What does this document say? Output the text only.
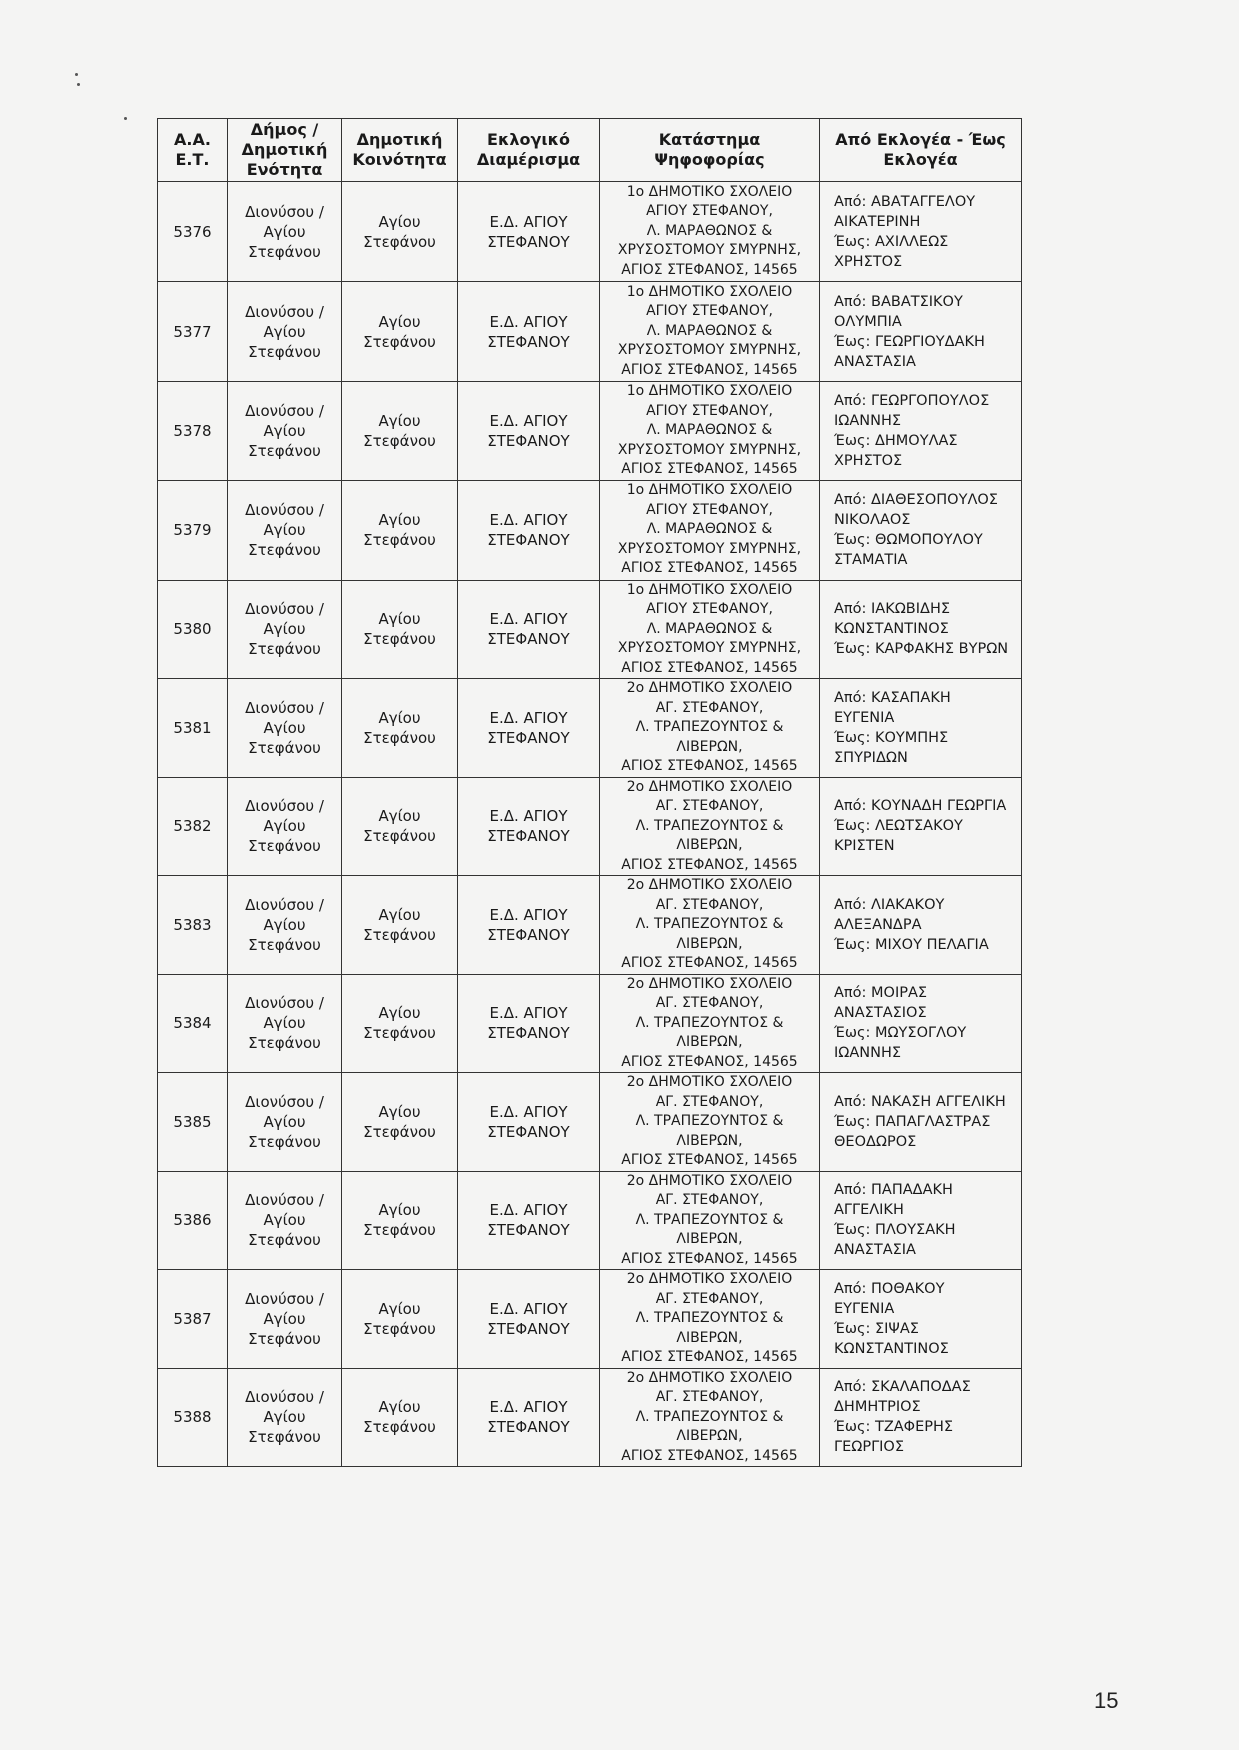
Α.Α.
Ε.Τ.	Δήμος /
Δημοτική
Ενότητα	Δημοτική
Κοινότητα	Εκλογικό
Διαμέρισμα	Κατάστημα
Ψηφοφορίας	Από Εκλογέα - Έως
Εκλογέα

5376	Διονύσου /
Αγίου
Στεφάνου	Αγίου
Στεφάνου	Ε.Δ. ΑΓΙΟΥ
ΣΤΕΦΑΝΟΥ	1ο ΔΗΜΟΤΙΚΟ ΣΧΟΛΕΙΟ
ΑΓΙΟΥ ΣΤΕΦΑΝΟΥ,
Λ. ΜΑΡΑΘΩΝΟΣ &
ΧΡΥΣΟΣΤΟΜΟΥ ΣΜΥΡΝΗΣ,
ΑΓΙΟΣ ΣΤΕΦΑΝΟΣ, 14565	Από: ΑΒΑΤΑΓΓΕΛΟΥ
ΑΙΚΑΤΕΡΙΝΗ
Έως: ΑΧΙΛΛΕΩΣ
ΧΡΗΣΤΟΣ

5377	Διονύσου /
Αγίου
Στεφάνου	Αγίου
Στεφάνου	Ε.Δ. ΑΓΙΟΥ
ΣΤΕΦΑΝΟΥ	1ο ΔΗΜΟΤΙΚΟ ΣΧΟΛΕΙΟ
ΑΓΙΟΥ ΣΤΕΦΑΝΟΥ,
Λ. ΜΑΡΑΘΩΝΟΣ &
ΧΡΥΣΟΣΤΟΜΟΥ ΣΜΥΡΝΗΣ,
ΑΓΙΟΣ ΣΤΕΦΑΝΟΣ, 14565	Από: ΒΑΒΑΤΣΙΚΟΥ
ΟΛΥΜΠΙΑ
Έως: ΓΕΩΡΓΙΟΥΔΑΚΗ
ΑΝΑΣΤΑΣΙΑ

5378	Διονύσου /
Αγίου
Στεφάνου	Αγίου
Στεφάνου	Ε.Δ. ΑΓΙΟΥ
ΣΤΕΦΑΝΟΥ	1ο ΔΗΜΟΤΙΚΟ ΣΧΟΛΕΙΟ
ΑΓΙΟΥ ΣΤΕΦΑΝΟΥ,
Λ. ΜΑΡΑΘΩΝΟΣ &
ΧΡΥΣΟΣΤΟΜΟΥ ΣΜΥΡΝΗΣ,
ΑΓΙΟΣ ΣΤΕΦΑΝΟΣ, 14565	Από: ΓΕΩΡΓΟΠΟΥΛΟΣ
ΙΩΑΝΝΗΣ
Έως: ΔΗΜΟΥΛΑΣ
ΧΡΗΣΤΟΣ

5379	Διονύσου /
Αγίου
Στεφάνου	Αγίου
Στεφάνου	Ε.Δ. ΑΓΙΟΥ
ΣΤΕΦΑΝΟΥ	1ο ΔΗΜΟΤΙΚΟ ΣΧΟΛΕΙΟ
ΑΓΙΟΥ ΣΤΕΦΑΝΟΥ,
Λ. ΜΑΡΑΘΩΝΟΣ &
ΧΡΥΣΟΣΤΟΜΟΥ ΣΜΥΡΝΗΣ,
ΑΓΙΟΣ ΣΤΕΦΑΝΟΣ, 14565	Από: ΔΙΑΘΕΣΟΠΟΥΛΟΣ
ΝΙΚΟΛΑΟΣ
Έως: ΘΩΜΟΠΟΥΛΟΥ
ΣΤΑΜΑΤΙΑ

5380	Διονύσου /
Αγίου
Στεφάνου	Αγίου
Στεφάνου	Ε.Δ. ΑΓΙΟΥ
ΣΤΕΦΑΝΟΥ	1ο ΔΗΜΟΤΙΚΟ ΣΧΟΛΕΙΟ
ΑΓΙΟΥ ΣΤΕΦΑΝΟΥ,
Λ. ΜΑΡΑΘΩΝΟΣ &
ΧΡΥΣΟΣΤΟΜΟΥ ΣΜΥΡΝΗΣ,
ΑΓΙΟΣ ΣΤΕΦΑΝΟΣ, 14565	Από: ΙΑΚΩΒΙΔΗΣ
ΚΩΝΣΤΑΝΤΙΝΟΣ
Έως: ΚΑΡΦΑΚΗΣ ΒΥΡΩΝ

5381	Διονύσου /
Αγίου
Στεφάνου	Αγίου
Στεφάνου	Ε.Δ. ΑΓΙΟΥ
ΣΤΕΦΑΝΟΥ	2ο ΔΗΜΟΤΙΚΟ ΣΧΟΛΕΙΟ
ΑΓ. ΣΤΕΦΑΝΟΥ,
Λ. ΤΡΑΠΕΖΟΥΝΤΟΣ &
ΛΙΒΕΡΩΝ,
ΑΓΙΟΣ ΣΤΕΦΑΝΟΣ, 14565	Από: ΚΑΣΑΠΑΚΗ
ΕΥΓΕΝΙΑ
Έως: ΚΟΥΜΠΗΣ
ΣΠΥΡΙΔΩΝ

5382	Διονύσου /
Αγίου
Στεφάνου	Αγίου
Στεφάνου	Ε.Δ. ΑΓΙΟΥ
ΣΤΕΦΑΝΟΥ	2ο ΔΗΜΟΤΙΚΟ ΣΧΟΛΕΙΟ
ΑΓ. ΣΤΕΦΑΝΟΥ,
Λ. ΤΡΑΠΕΖΟΥΝΤΟΣ &
ΛΙΒΕΡΩΝ,
ΑΓΙΟΣ ΣΤΕΦΑΝΟΣ, 14565	Από: ΚΟΥΝΑΔΗ ΓΕΩΡΓΙΑ
Έως: ΛΕΩΤΣΑΚΟΥ
ΚΡΙΣΤΕΝ

5383	Διονύσου /
Αγίου
Στεφάνου	Αγίου
Στεφάνου	Ε.Δ. ΑΓΙΟΥ
ΣΤΕΦΑΝΟΥ	2ο ΔΗΜΟΤΙΚΟ ΣΧΟΛΕΙΟ
ΑΓ. ΣΤΕΦΑΝΟΥ,
Λ. ΤΡΑΠΕΖΟΥΝΤΟΣ &
ΛΙΒΕΡΩΝ,
ΑΓΙΟΣ ΣΤΕΦΑΝΟΣ, 14565	Από: ΛΙΑΚΑΚΟΥ
ΑΛΕΞΑΝΔΡΑ
Έως: ΜΙΧΟΥ ΠΕΛΑΓΙΑ

5384	Διονύσου /
Αγίου
Στεφάνου	Αγίου
Στεφάνου	Ε.Δ. ΑΓΙΟΥ
ΣΤΕΦΑΝΟΥ	2ο ΔΗΜΟΤΙΚΟ ΣΧΟΛΕΙΟ
ΑΓ. ΣΤΕΦΑΝΟΥ,
Λ. ΤΡΑΠΕΖΟΥΝΤΟΣ &
ΛΙΒΕΡΩΝ,
ΑΓΙΟΣ ΣΤΕΦΑΝΟΣ, 14565	Από: ΜΟΙΡΑΣ
ΑΝΑΣΤΑΣΙΟΣ
Έως: ΜΩΥΣΟΓΛΟΥ
ΙΩΑΝΝΗΣ

5385	Διονύσου /
Αγίου
Στεφάνου	Αγίου
Στεφάνου	Ε.Δ. ΑΓΙΟΥ
ΣΤΕΦΑΝΟΥ	2ο ΔΗΜΟΤΙΚΟ ΣΧΟΛΕΙΟ
ΑΓ. ΣΤΕΦΑΝΟΥ,
Λ. ΤΡΑΠΕΖΟΥΝΤΟΣ &
ΛΙΒΕΡΩΝ,
ΑΓΙΟΣ ΣΤΕΦΑΝΟΣ, 14565	Από: ΝΑΚΑΣΗ ΑΓΓΕΛΙΚΗ
Έως: ΠΑΠΑΓΛΑΣΤΡΑΣ
ΘΕΟΔΩΡΟΣ

5386	Διονύσου /
Αγίου
Στεφάνου	Αγίου
Στεφάνου	Ε.Δ. ΑΓΙΟΥ
ΣΤΕΦΑΝΟΥ	2ο ΔΗΜΟΤΙΚΟ ΣΧΟΛΕΙΟ
ΑΓ. ΣΤΕΦΑΝΟΥ,
Λ. ΤΡΑΠΕΖΟΥΝΤΟΣ &
ΛΙΒΕΡΩΝ,
ΑΓΙΟΣ ΣΤΕΦΑΝΟΣ, 14565	Από: ΠΑΠΑΔΑΚΗ
ΑΓΓΕΛΙΚΗ
Έως: ΠΛΟΥΣΑΚΗ
ΑΝΑΣΤΑΣΙΑ

5387	Διονύσου /
Αγίου
Στεφάνου	Αγίου
Στεφάνου	Ε.Δ. ΑΓΙΟΥ
ΣΤΕΦΑΝΟΥ	2ο ΔΗΜΟΤΙΚΟ ΣΧΟΛΕΙΟ
ΑΓ. ΣΤΕΦΑΝΟΥ,
Λ. ΤΡΑΠΕΖΟΥΝΤΟΣ &
ΛΙΒΕΡΩΝ,
ΑΓΙΟΣ ΣΤΕΦΑΝΟΣ, 14565	Από: ΠΟΘΑΚΟΥ
ΕΥΓΕΝΙΑ
Έως: ΣΙΨΑΣ
ΚΩΝΣΤΑΝΤΙΝΟΣ

5388	Διονύσου /
Αγίου
Στεφάνου	Αγίου
Στεφάνου	Ε.Δ. ΑΓΙΟΥ
ΣΤΕΦΑΝΟΥ	2ο ΔΗΜΟΤΙΚΟ ΣΧΟΛΕΙΟ
ΑΓ. ΣΤΕΦΑΝΟΥ,
Λ. ΤΡΑΠΕΖΟΥΝΤΟΣ &
ΛΙΒΕΡΩΝ,
ΑΓΙΟΣ ΣΤΕΦΑΝΟΣ, 14565	Από: ΣΚΑΛΑΠΟΔΑΣ
ΔΗΜΗΤΡΙΟΣ
Έως: ΤΖΑΦΕΡΗΣ
ΓΕΩΡΓΙΟΣ
15
